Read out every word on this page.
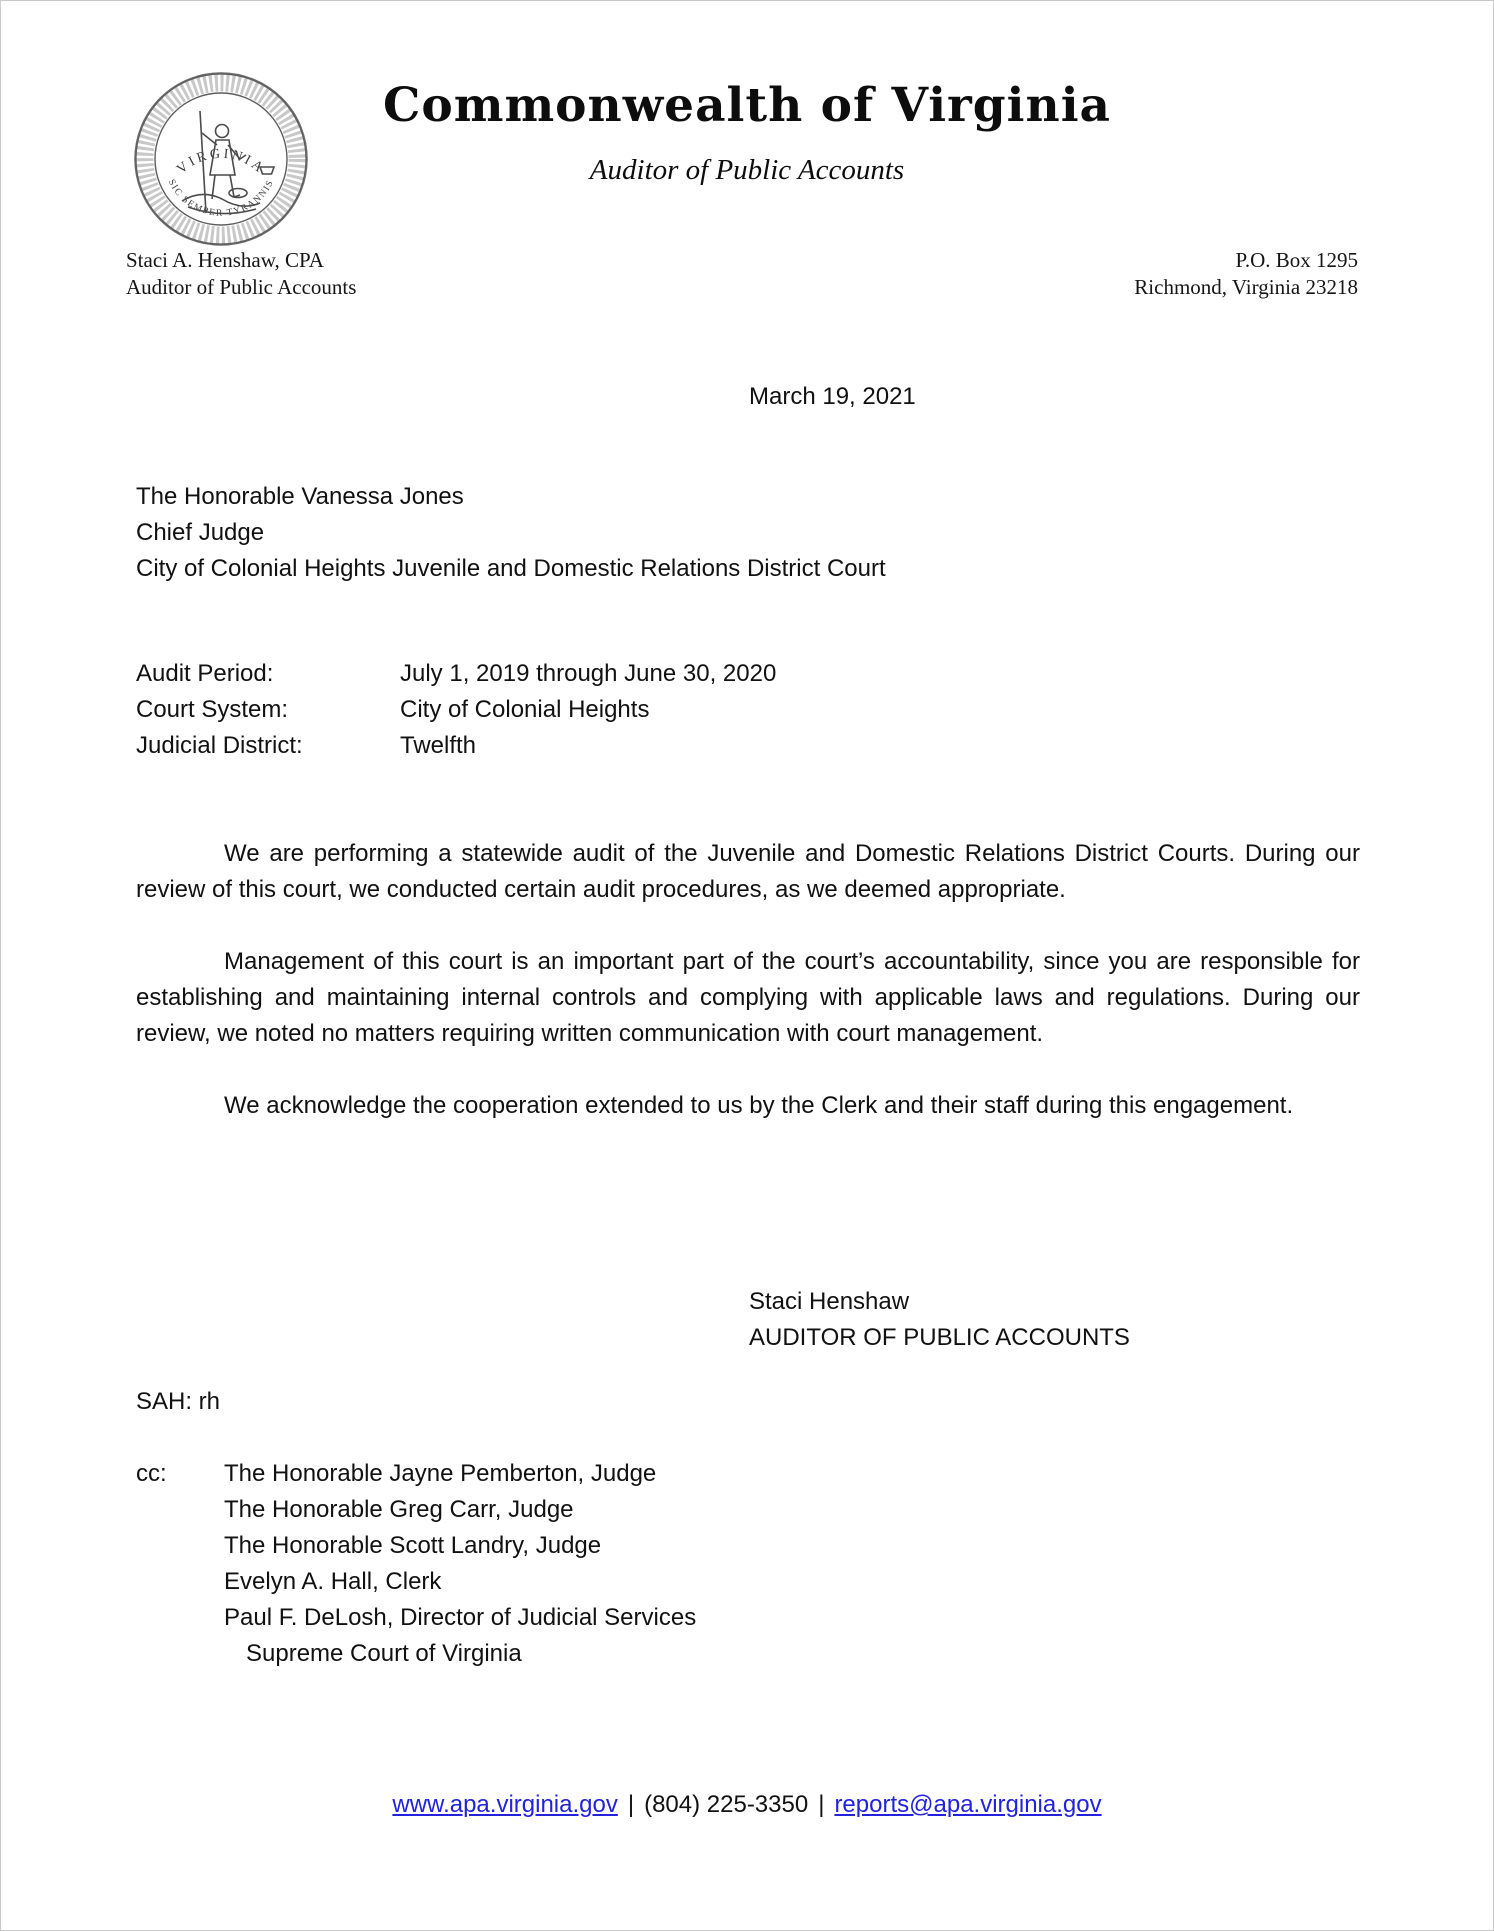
VIRGINIA
SIC SEMPER TYRANNIS
Commonwealth of Virginia
Auditor of Public Accounts
Staci A. Henshaw, CPA
Auditor of Public Accounts
P.O. Box 1295
Richmond, Virginia 23218
March 19, 2021
The Honorable Vanessa Jones
Chief Judge
City of Colonial Heights Juvenile and Domestic Relations District Court
Audit Period:	July 1, 2019 through June 30, 2020
Court System:	City of Colonial Heights
Judicial District:	Twelfth

We are performing a statewide audit of the Juvenile and Domestic Relations District Courts. During our review of this court, we conducted certain audit procedures, as we deemed appropriate.

Management of this court is an important part of the court’s accountability, since you are responsible for establishing and maintaining internal controls and complying with applicable laws and regulations. During our review, we noted no matters requiring written communication with court management.

We acknowledge the cooperation extended to us by the Clerk and their staff during this engagement.

Staci Henshaw
AUDITOR OF PUBLIC ACCOUNTS
SAH: rh
cc:	The Honorable Jayne Pemberton, Judge
The Honorable Greg Carr, Judge
The Honorable Scott Landry, Judge
Evelyn A. Hall, Clerk
Paul F. DeLosh, Director of Judicial Services
Supreme Court of Virginia
www.apa.virginia.gov | (804) 225-3350 | reports@apa.virginia.gov
